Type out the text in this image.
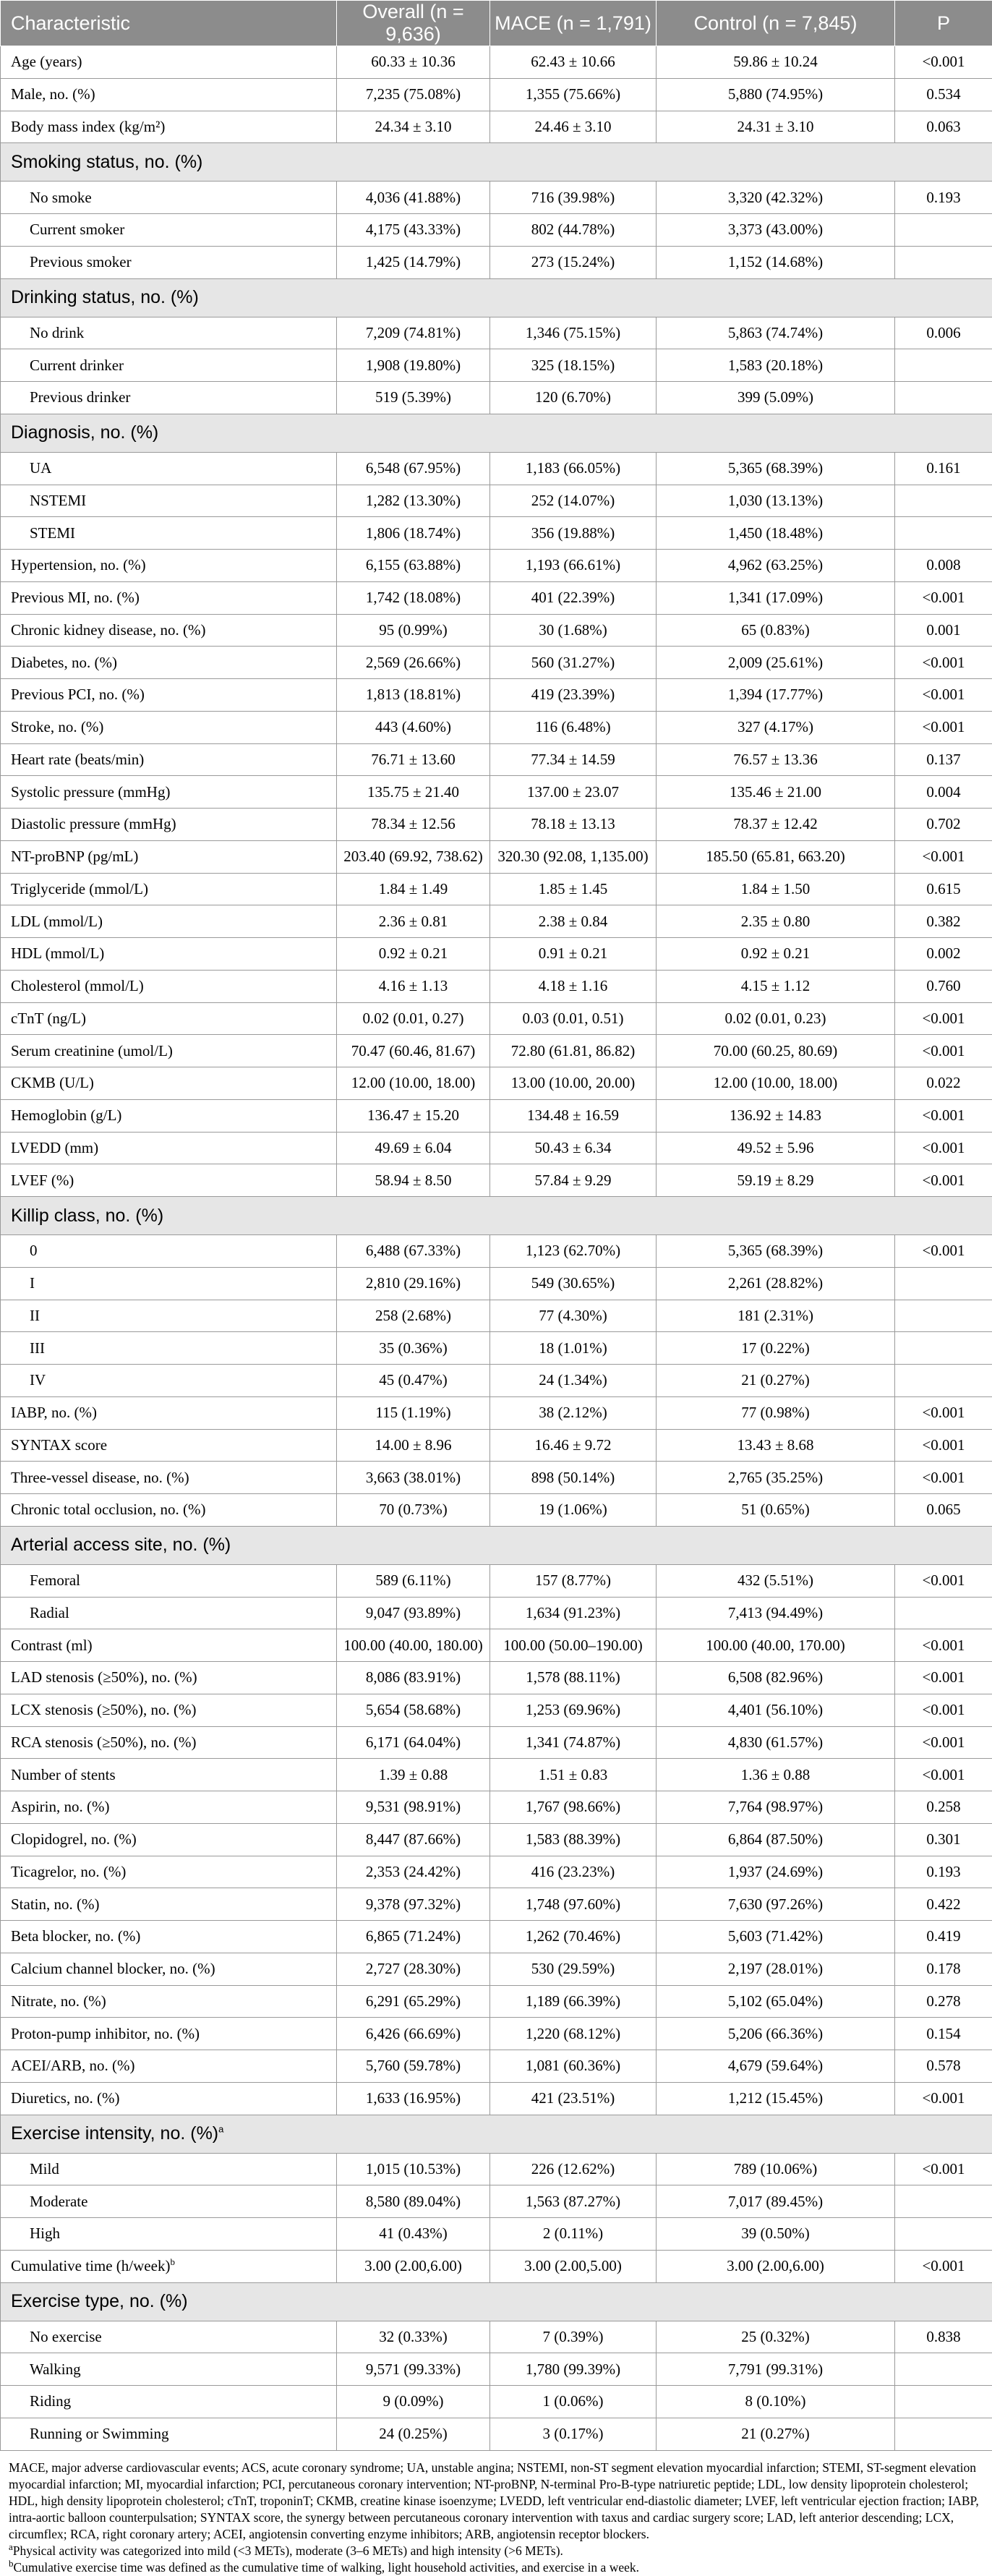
Characteristic	Overall (n = 9,636)	MACE (n = 1,791)	Control (n = 7,845)	P
Age (years)	60.33 ± 10.36	62.43 ± 10.66	59.86 ± 10.24	<0.001
Male, no. (%)	7,235 (75.08%)	1,355 (75.66%)	5,880 (74.95%)	0.534
Body mass index (kg/m²)	24.34 ± 3.10	24.46 ± 3.10	24.31 ± 3.10	0.063
Smoking status, no. (%)				
No smoke	4,036 (41.88%)	716 (39.98%)	3,320 (42.32%)	0.193
Current smoker	4,175 (43.33%)	802 (44.78%)	3,373 (43.00%)	
Previous smoker	1,425 (14.79%)	273 (15.24%)	1,152 (14.68%)	
Drinking status, no. (%)				
No drink	7,209 (74.81%)	1,346 (75.15%)	5,863 (74.74%)	0.006
Current drinker	1,908 (19.80%)	325 (18.15%)	1,583 (20.18%)	
Previous drinker	519 (5.39%)	120 (6.70%)	399 (5.09%)	
Diagnosis, no. (%)				
UA	6,548 (67.95%)	1,183 (66.05%)	5,365 (68.39%)	0.161
NSTEMI	1,282 (13.30%)	252 (14.07%)	1,030 (13.13%)	
STEMI	1,806 (18.74%)	356 (19.88%)	1,450 (18.48%)	
Hypertension, no. (%)	6,155 (63.88%)	1,193 (66.61%)	4,962 (63.25%)	0.008
Previous MI, no. (%)	1,742 (18.08%)	401 (22.39%)	1,341 (17.09%)	<0.001
Chronic kidney disease, no. (%)	95 (0.99%)	30 (1.68%)	65 (0.83%)	0.001
Diabetes, no. (%)	2,569 (26.66%)	560 (31.27%)	2,009 (25.61%)	<0.001
Previous PCI, no. (%)	1,813 (18.81%)	419 (23.39%)	1,394 (17.77%)	<0.001
Stroke, no. (%)	443 (4.60%)	116 (6.48%)	327 (4.17%)	<0.001
Heart rate (beats/min)	76.71 ± 13.60	77.34 ± 14.59	76.57 ± 13.36	0.137
Systolic pressure (mmHg)	135.75 ± 21.40	137.00 ± 23.07	135.46 ± 21.00	0.004
Diastolic pressure (mmHg)	78.34 ± 12.56	78.18 ± 13.13	78.37 ± 12.42	0.702
NT-proBNP (pg/mL)	203.40 (69.92, 738.62)	320.30 (92.08, 1,135.00)	185.50 (65.81, 663.20)	<0.001
Triglyceride (mmol/L)	1.84 ± 1.49	1.85 ± 1.45	1.84 ± 1.50	0.615
LDL (mmol/L)	2.36 ± 0.81	2.38 ± 0.84	2.35 ± 0.80	0.382
HDL (mmol/L)	0.92 ± 0.21	0.91 ± 0.21	0.92 ± 0.21	0.002
Cholesterol (mmol/L)	4.16 ± 1.13	4.18 ± 1.16	4.15 ± 1.12	0.760
cTnT (ng/L)	0.02 (0.01, 0.27)	0.03 (0.01, 0.51)	0.02 (0.01, 0.23)	<0.001
Serum creatinine (umol/L)	70.47 (60.46, 81.67)	72.80 (61.81, 86.82)	70.00 (60.25, 80.69)	<0.001
CKMB (U/L)	12.00 (10.00, 18.00)	13.00 (10.00, 20.00)	12.00 (10.00, 18.00)	0.022
Hemoglobin (g/L)	136.47 ± 15.20	134.48 ± 16.59	136.92 ± 14.83	<0.001
LVEDD (mm)	49.69 ± 6.04	50.43 ± 6.34	49.52 ± 5.96	<0.001
LVEF (%)	58.94 ± 8.50	57.84 ± 9.29	59.19 ± 8.29	<0.001
Killip class, no. (%)				
0	6,488 (67.33%)	1,123 (62.70%)	5,365 (68.39%)	<0.001
I	2,810 (29.16%)	549 (30.65%)	2,261 (28.82%)	
II	258 (2.68%)	77 (4.30%)	181 (2.31%)	
III	35 (0.36%)	18 (1.01%)	17 (0.22%)	
IV	45 (0.47%)	24 (1.34%)	21 (0.27%)	
IABP, no. (%)	115 (1.19%)	38 (2.12%)	77 (0.98%)	<0.001
SYNTAX score	14.00 ± 8.96	16.46 ± 9.72	13.43 ± 8.68	<0.001
Three-vessel disease, no. (%)	3,663 (38.01%)	898 (50.14%)	2,765 (35.25%)	<0.001
Chronic total occlusion, no. (%)	70 (0.73%)	19 (1.06%)	51 (0.65%)	0.065
Arterial access site, no. (%)				
Femoral	589 (6.11%)	157 (8.77%)	432 (5.51%)	<0.001
Radial	9,047 (93.89%)	1,634 (91.23%)	7,413 (94.49%)	
Contrast (ml)	100.00 (40.00, 180.00)	100.00 (50.00–190.00)	100.00 (40.00, 170.00)	<0.001
LAD stenosis (≥50%), no. (%)	8,086 (83.91%)	1,578 (88.11%)	6,508 (82.96%)	<0.001
LCX stenosis (≥50%), no. (%)	5,654 (58.68%)	1,253 (69.96%)	4,401 (56.10%)	<0.001
RCA stenosis (≥50%), no. (%)	6,171 (64.04%)	1,341 (74.87%)	4,830 (61.57%)	<0.001
Number of stents	1.39 ± 0.88	1.51 ± 0.83	1.36 ± 0.88	<0.001
Aspirin, no. (%)	9,531 (98.91%)	1,767 (98.66%)	7,764 (98.97%)	0.258
Clopidogrel, no. (%)	8,447 (87.66%)	1,583 (88.39%)	6,864 (87.50%)	0.301
Ticagrelor, no. (%)	2,353 (24.42%)	416 (23.23%)	1,937 (24.69%)	0.193
Statin, no. (%)	9,378 (97.32%)	1,748 (97.60%)	7,630 (97.26%)	0.422
Beta blocker, no. (%)	6,865 (71.24%)	1,262 (70.46%)	5,603 (71.42%)	0.419
Calcium channel blocker, no. (%)	2,727 (28.30%)	530 (29.59%)	2,197 (28.01%)	0.178
Nitrate, no. (%)	6,291 (65.29%)	1,189 (66.39%)	5,102 (65.04%)	0.278
Proton-pump inhibitor, no. (%)	6,426 (66.69%)	1,220 (68.12%)	5,206 (66.36%)	0.154
ACEI/ARB, no. (%)	5,760 (59.78%)	1,081 (60.36%)	4,679 (59.64%)	0.578
Diuretics, no. (%)	1,633 (16.95%)	421 (23.51%)	1,212 (15.45%)	<0.001
Exercise intensity, no. (%)$^a$
Mild	1,015 (10.53%)	226 (12.62%)	789 (10.06%)	<0.001
Moderate	8,580 (89.04%)	1,563 (87.27%)	7,017 (89.45%)	
High	41 (0.43%)	2 (0.11%)	39 (0.50%)	
Cumulative time (h/week)$^b$	3.00 (2.00,6.00)	3.00 (2.00,5.00)	3.00 (2.00,6.00)	<0.001
Exercise type, no. (%)				
No exercise	32 (0.33%)	7 (0.39%)	25 (0.32%)	0.838
Walking	9,571 (99.33%)	1,780 (99.39%)	7,791 (99.31%)	
Riding	9 (0.09%)	1 (0.06%)	8 (0.10%)	
Running or Swimming	24 (0.25%)	3 (0.17%)	21 (0.27%)	

MACE, major adverse cardiovascular events; ACS, acute coronary syndrome; UA, unstable angina; NSTEMI, non-ST segment elevation myocardial infarction; STEMI, ST-segment elevation myocardial infarction; MI, myocardial infarction; PCI, percutaneous coronary intervention; NT-proBNP, N-terminal Pro-B-type natriuretic peptide; LDL, low density lipoprotein cholesterol; HDL, high density lipoprotein cholesterol; cTnT, troponinT; CKMB, creatine kinase isoenzyme; LVEDD, left ventricular end-diastolic diameter; LVEF, left ventricular ejection fraction; IABP, intra-aortic balloon counterpulsation; SYNTAX score, the synergy between percutaneous coronary intervention with taxus and cardiac surgery score; LAD, left anterior descending; LCX, circumflex; RCA, right coronary artery; ACEI, angiotensin converting enzyme inhibitors; ARB, angiotensin receptor blockers.

$^a$Physical activity was categorized into mild (<3 METs), moderate (3–6 METs) and high intensity (>6 METs).

$^b$Cumulative exercise time was defined as the cumulative time of walking, light household activities, and exercise in a week.
